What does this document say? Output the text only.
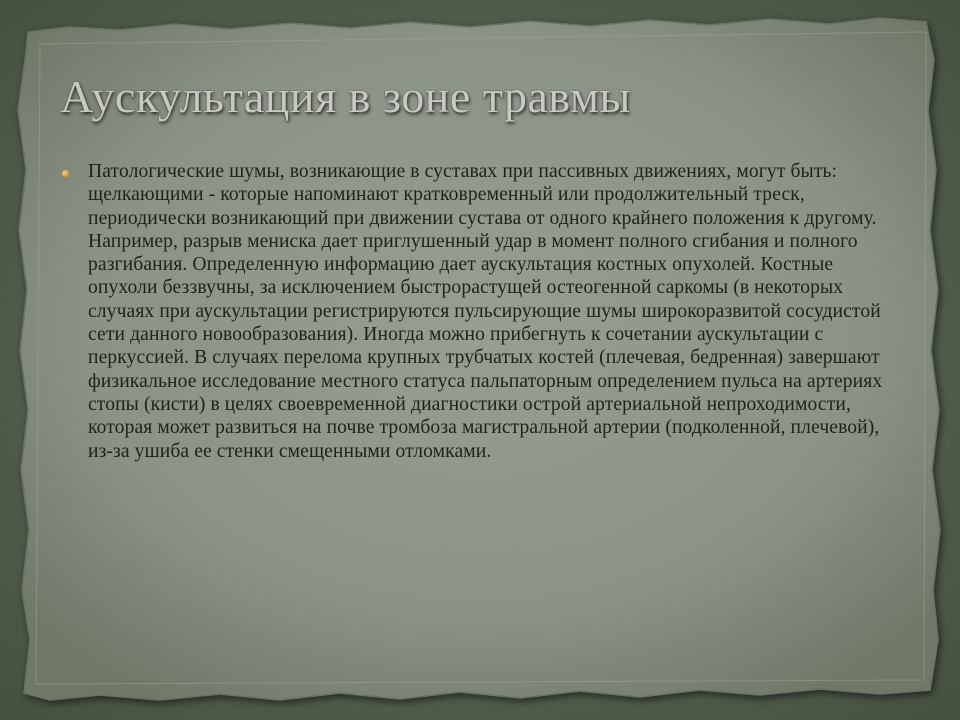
Аускультация в зоне травмы

Патологические шумы, возникающие в суставах при пассивных движениях, могут быть: щелкающими - которые напоминают кратковременный или продолжительный треск, периодически возникающий при движении сустава от одного крайнего положения к другому. Например, разрыв мениска дает приглушенный удар в момент полного сгибания и полного разгибания. Определенную информацию дает аускультация костных опухолей. Костные опухоли беззвучны, за исключением быстрорастущей остеогенной саркомы (в некоторых случаях при аускультации регистрируются пульсирующие шумы широкоразвитой сосудистой сети данного новообразования). Иногда можно прибегнуть к сочетании аускультации с перкуссией. В случаях перелома крупных трубчатых костей (плечевая, бедренная) завершают физикальное исследование местного статуса пальпаторным определением пульса на артериях стопы (кисти) в целях своевременной диагностики острой артериальной непроходимости, которая может развиться на почве тромбоза магистральной артерии (подколенной, плечевой), из-за ушиба ее стенки смещенными отломками.
